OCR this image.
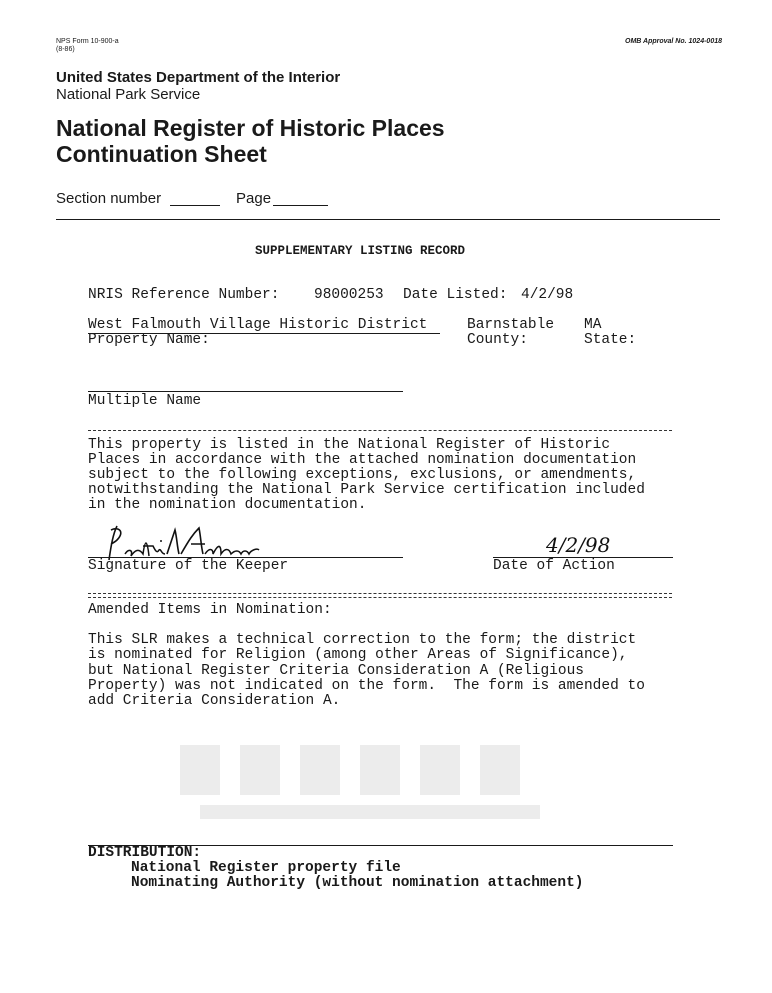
NPS Form 10-900-a
(8-86)
OMB Approval No. 1024-0018
United States Department of the Interior
National Park Service
National Register of Historic Places
Continuation Sheet
Section number	Page
SUPPLEMENTARY LISTING RECORD
NRIS Reference Number: 98000253 Date Listed: 4/2/98
West Falmouth Village Historic District
Property Name:
Barnstable
County:
MA
State:
Multiple Name
This property is listed in the National Register of Historic
Places in accordance with the attached nomination documentation
subject to the following exceptions, exclusions, or amendments,
notwithstanding the National Park Service certification included
in the nomination documentation.
Signature of the Keeper
4/2/98
Date of Action
Amended Items in Nomination:
This SLR makes a technical correction to the form; the district
is nominated for Religion (among other Areas of Significance),
but National Register Criteria Consideration A (Religious
Property) was not indicated on the form.  The form is amended to
add Criteria Consideration A.
DISTRIBUTION:
National Register property file
Nominating Authority (without nomination attachment)
